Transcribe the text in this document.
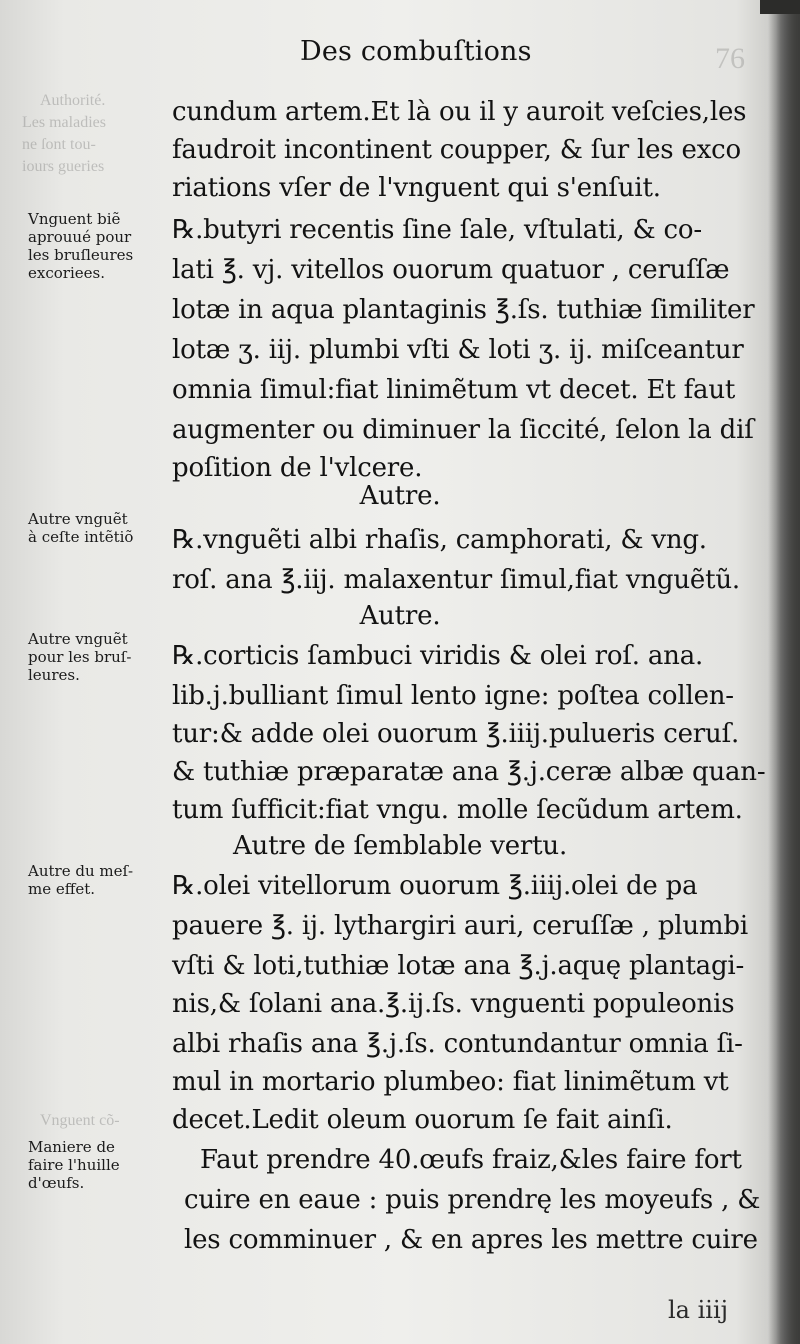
76
Authorité.
Les maladies
ne ſont tou-
iours gueries
Vnguent cõ-
Des combuſtions
Vnguent biẽ
aprouué pour
les bruſleures
excoriees.
Autre vnguẽt
à ceſte intẽtiõ
Autre vnguẽt
pour les bruſ-
leures.
Autre du meſ-
me effet.
Maniere de
faire l'huille
d'œufs.
cundum artem.Et là ou il y auroit veſcies,les
faudroit incontinent coupper, & ſur les exco
riations vſer de l'vnguent qui s'enſuit.
℞.butyri recentis ſine ſale, vſtulati, & co-
lati ℥. vj. vitellos ouorum quatuor , ceruſſæ
lotæ in aqua plantaginis ℥.ſs. tuthiæ ſimiliter
lotæ ʒ. iij. plumbi vſti & loti ʒ. ij. miſceantur
omnia ſimul:fiat linimẽtum vt decet. Et faut
augmenter ou diminuer la ſiccité, ſelon la diſ
poſition de l'vlcere.
Autre.
℞.vnguẽti albi rhaſis, camphorati, & vng.
roſ. ana ℥.iij. malaxentur ſimul,fiat vnguẽtũ.
Autre.
℞.corticis ſambuci viridis & olei roſ. ana.
lib.j.bulliant ſimul lento igne: poſtea collen-
tur:& adde olei ouorum ℥.iiij.pulueris ceruſ.
& tuthiæ præparatæ ana ℥.j.ceræ albæ quan-
tum ſufficit:fiat vngu. molle ſecũdum artem.
Autre de ſemblable vertu.
℞.olei vitellorum ouorum ℥.iiij.olei de pa
pauere ℥. ij. lythargiri auri, ceruſſæ , plumbi
vſti & loti,tuthiæ lotæ ana ℥.j.aquę plantagi-
nis,& ſolani ana.℥.ij.ſs. vnguenti populeonis
albi rhaſis ana ℥.j.ſs. contundantur omnia ſi-
mul in mortario plumbeo: fiat linimẽtum vt
decet.Ledit oleum ouorum ſe fait ainſi.
Faut prendre 40.œufs fraiz,&les faire fort
cuire en eaue : puis prendrę les moyeufs , &
les comminuer , & en apres les mettre cuire
la iiij
